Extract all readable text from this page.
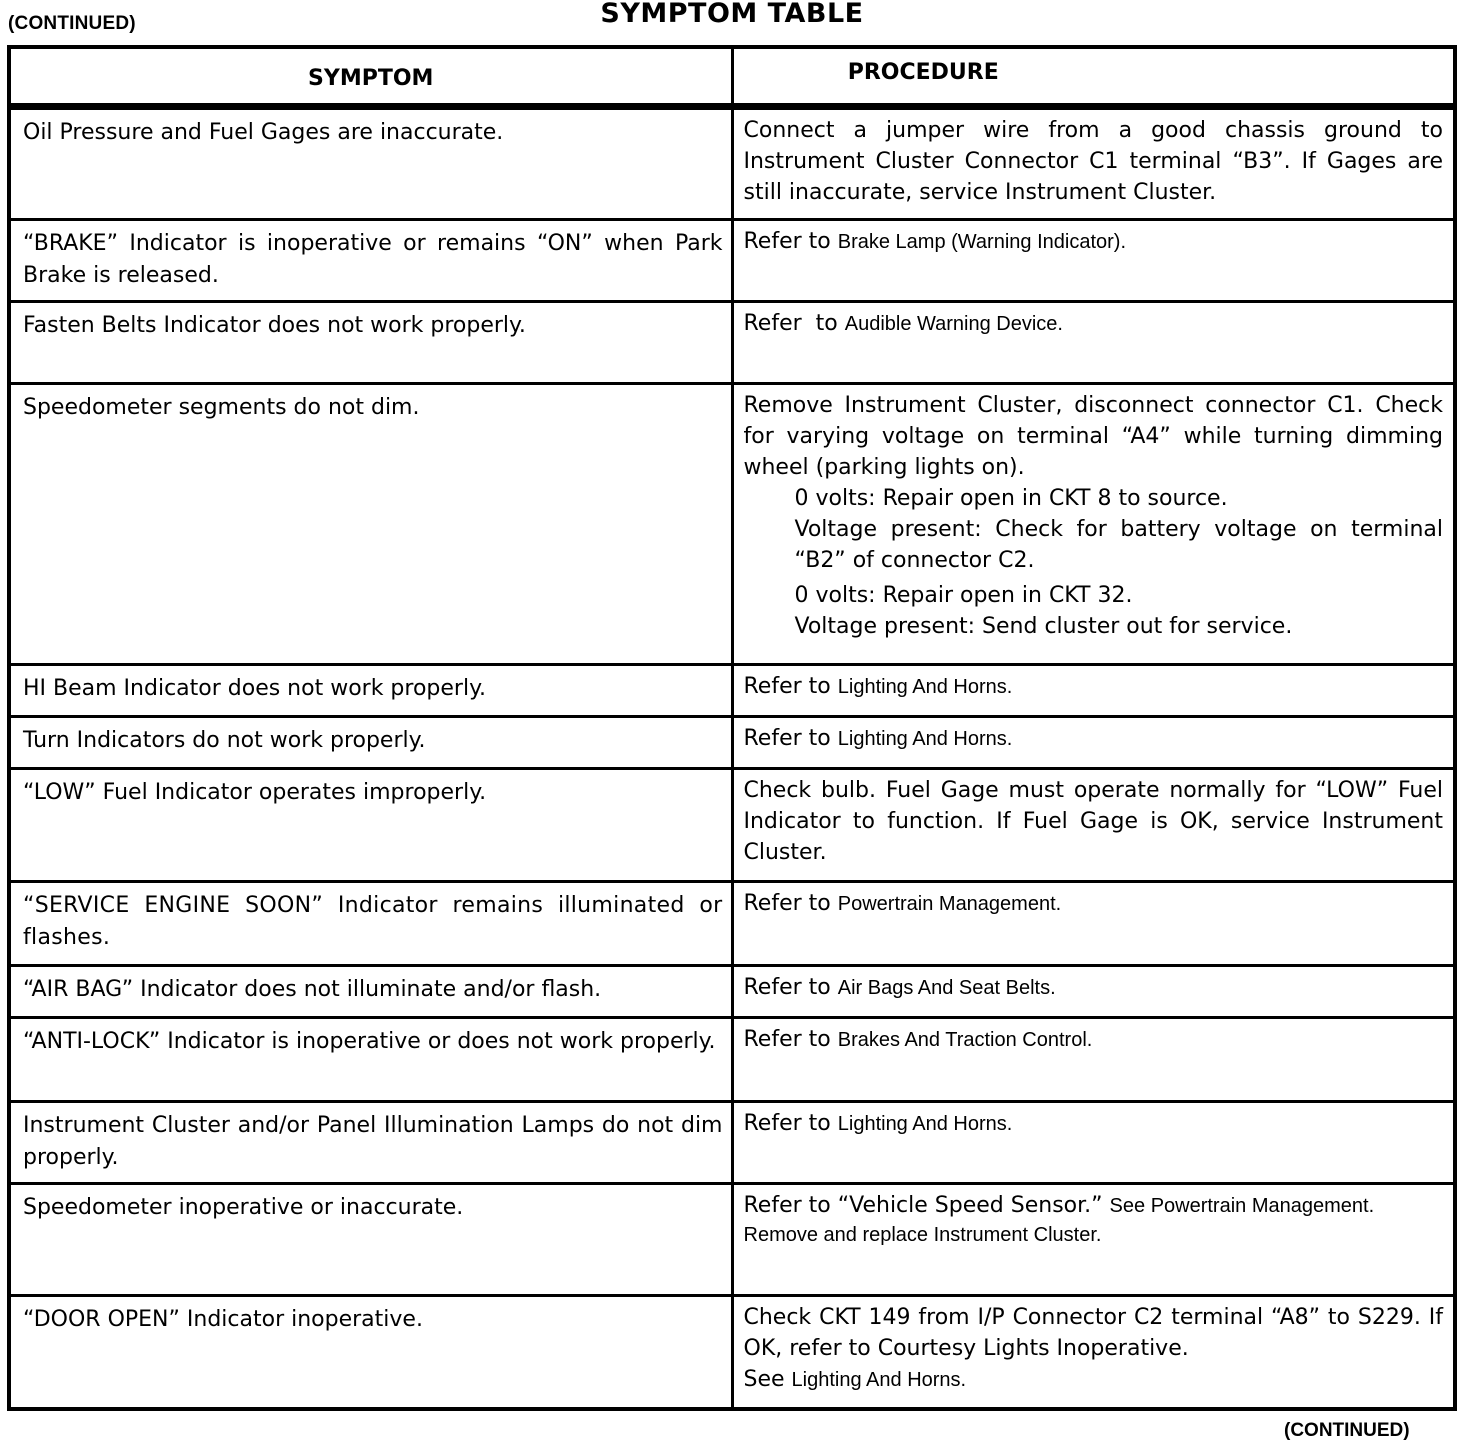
(CONTINUED)	SYMPTOM TABLE
SYMPTOM	PROCEDURE

Oil Pressure and Fuel Gages are inaccurate.	Connect a jumper wire from a good chassis ground to Instrument Cluster Connector C1 terminal “B3”. If Gages are still inaccurate, service Instrument Cluster.

“BRAKE” Indicator is inoperative or remains “ON” when Park Brake is released.	Refer to Brake Lamp (Warning Indicator).

Fasten Belts Indicator does not work properly.	Refer  to Audible Warning Device.

Speedometer segments do not dim.	Remove Instrument Cluster, disconnect connector C1. Check for varying voltage on terminal “A4” while turning dimming wheel (parking lights on).
0 volts: Repair open in CKT 8 to source.
Voltage present: Check for battery voltage on terminal “B2” of connector C2.
0 volts: Repair open in CKT 32.
Voltage present: Send cluster out for service.

HI Beam Indicator does not work properly.	Refer to Lighting And Horns.

Turn Indicators do not work properly.	Refer to Lighting And Horns.

“LOW” Fuel Indicator operates improperly.	Check bulb. Fuel Gage must operate normally for “LOW” Fuel Indicator to function. If Fuel Gage is OK, service Instrument Cluster.

“SERVICE ENGINE SOON” Indicator remains illuminated or flashes.	Refer to Powertrain Management.

“AIR BAG” Indicator does not illuminate and/or flash.	Refer to Air Bags And Seat Belts.

“ANTI-LOCK” Indicator is inoperative or does not work properly.	Refer to Brakes And Traction Control.

Instrument Cluster and/or Panel Illumination Lamps do not dim properly.	Refer to Lighting And Horns.

Speedometer inoperative or inaccurate.	Refer to “Vehicle Speed Sensor.” See Powertrain Management.
Remove and replace Instrument Cluster.

“DOOR OPEN” Indicator inoperative.	Check CKT 149 from I/P Connector C2 terminal “A8” to S229. If OK, refer to Courtesy Lights Inoperative.
See Lighting And Horns.
(CONTINUED)
